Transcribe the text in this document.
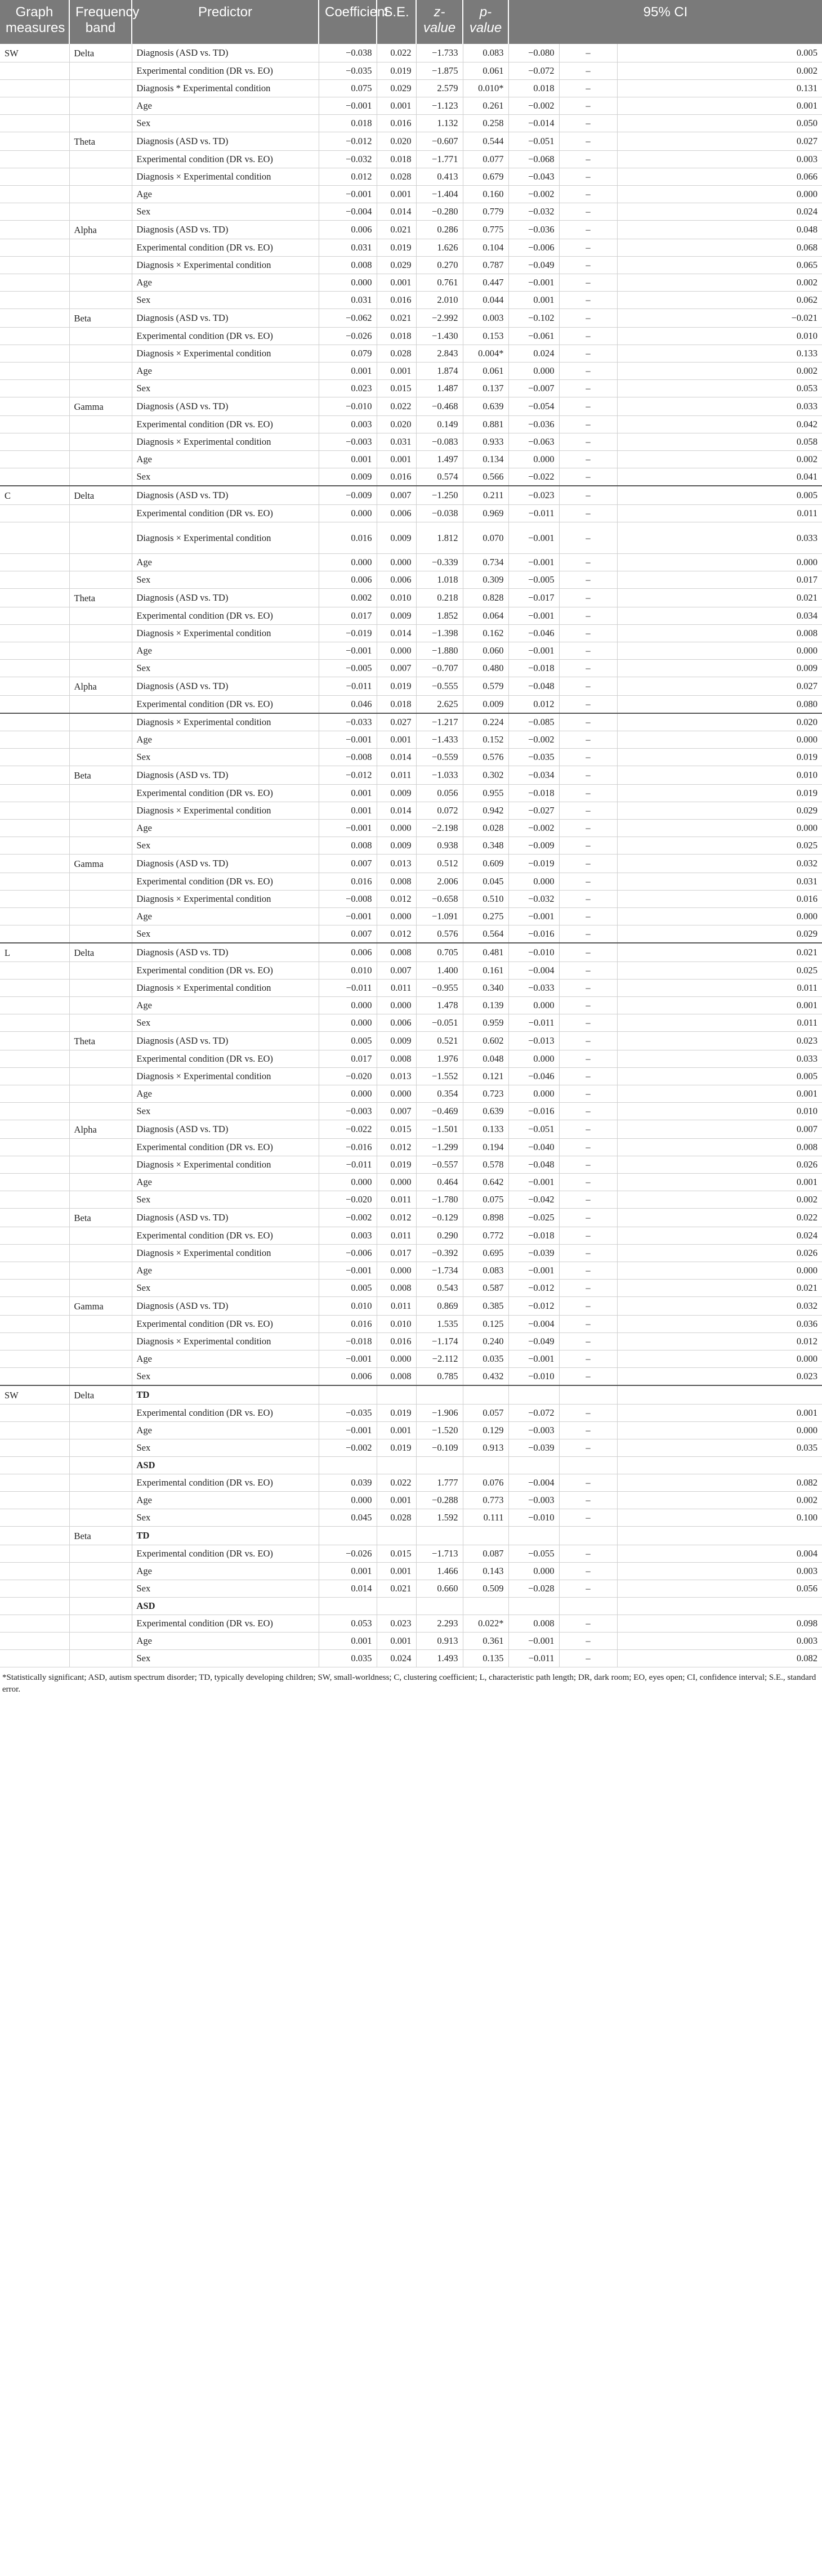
Graph measures	Frequency band	Predictor	Coefficient	S.E.	z-value	p-value	95% CI		
SW	Delta	Diagnosis (ASD vs. TD)	−0.038	0.022	−1.733	0.083	−0.080	–	0.005
		Experimental condition (DR vs. EO)	−0.035	0.019	−1.875	0.061	−0.072	–	0.002
		Diagnosis * Experimental condition	0.075	0.029	2.579	0.010*	0.018	–	0.131
		Age	−0.001	0.001	−1.123	0.261	−0.002	–	0.001
		Sex	0.018	0.016	1.132	0.258	−0.014	–	0.050
	Theta	Diagnosis (ASD vs. TD)	−0.012	0.020	−0.607	0.544	−0.051	–	0.027
		Experimental condition (DR vs. EO)	−0.032	0.018	−1.771	0.077	−0.068	–	0.003
		Diagnosis × Experimental condition	0.012	0.028	0.413	0.679	−0.043	–	0.066
		Age	−0.001	0.001	−1.404	0.160	−0.002	–	0.000
		Sex	−0.004	0.014	−0.280	0.779	−0.032	–	0.024
	Alpha	Diagnosis (ASD vs. TD)	0.006	0.021	0.286	0.775	−0.036	–	0.048
		Experimental condition (DR vs. EO)	0.031	0.019	1.626	0.104	−0.006	–	0.068
		Diagnosis × Experimental condition	0.008	0.029	0.270	0.787	−0.049	–	0.065
		Age	0.000	0.001	0.761	0.447	−0.001	–	0.002
		Sex	0.031	0.016	2.010	0.044	0.001	–	0.062
	Beta	Diagnosis (ASD vs. TD)	−0.062	0.021	−2.992	0.003	−0.102	–	−0.021
		Experimental condition (DR vs. EO)	−0.026	0.018	−1.430	0.153	−0.061	–	0.010
		Diagnosis × Experimental condition	0.079	0.028	2.843	0.004*	0.024	–	0.133
		Age	0.001	0.001	1.874	0.061	0.000	–	0.002
		Sex	0.023	0.015	1.487	0.137	−0.007	–	0.053
	Gamma	Diagnosis (ASD vs. TD)	−0.010	0.022	−0.468	0.639	−0.054	–	0.033
		Experimental condition (DR vs. EO)	0.003	0.020	0.149	0.881	−0.036	–	0.042
		Diagnosis × Experimental condition	−0.003	0.031	−0.083	0.933	−0.063	–	0.058
		Age	0.001	0.001	1.497	0.134	0.000	–	0.002
		Sex	0.009	0.016	0.574	0.566	−0.022	–	0.041
C	Delta	Diagnosis (ASD vs. TD)	−0.009	0.007	−1.250	0.211	−0.023	–	0.005
		Experimental condition (DR vs. EO)	0.000	0.006	−0.038	0.969	−0.011	–	0.011
		Diagnosis × Experimental condition	0.016	0.009	1.812	0.070	−0.001	–	0.033
		Age	0.000	0.000	−0.339	0.734	−0.001	–	0.000
		Sex	0.006	0.006	1.018	0.309	−0.005	–	0.017
	Theta	Diagnosis (ASD vs. TD)	0.002	0.010	0.218	0.828	−0.017	–	0.021
		Experimental condition (DR vs. EO)	0.017	0.009	1.852	0.064	−0.001	–	0.034
		Diagnosis × Experimental condition	−0.019	0.014	−1.398	0.162	−0.046	–	0.008
		Age	−0.001	0.000	−1.880	0.060	−0.001	–	0.000
		Sex	−0.005	0.007	−0.707	0.480	−0.018	–	0.009
	Alpha	Diagnosis (ASD vs. TD)	−0.011	0.019	−0.555	0.579	−0.048	–	0.027
		Experimental condition (DR vs. EO)	0.046	0.018	2.625	0.009	0.012	–	0.080
		Diagnosis × Experimental condition	−0.033	0.027	−1.217	0.224	−0.085	–	0.020
		Age	−0.001	0.001	−1.433	0.152	−0.002	–	0.000
		Sex	−0.008	0.014	−0.559	0.576	−0.035	–	0.019
	Beta	Diagnosis (ASD vs. TD)	−0.012	0.011	−1.033	0.302	−0.034	–	0.010
		Experimental condition (DR vs. EO)	0.001	0.009	0.056	0.955	−0.018	–	0.019
		Diagnosis × Experimental condition	0.001	0.014	0.072	0.942	−0.027	–	0.029
		Age	−0.001	0.000	−2.198	0.028	−0.002	–	0.000
		Sex	0.008	0.009	0.938	0.348	−0.009	–	0.025
	Gamma	Diagnosis (ASD vs. TD)	0.007	0.013	0.512	0.609	−0.019	–	0.032
		Experimental condition (DR vs. EO)	0.016	0.008	2.006	0.045	0.000	–	0.031
		Diagnosis × Experimental condition	−0.008	0.012	−0.658	0.510	−0.032	–	0.016
		Age	−0.001	0.000	−1.091	0.275	−0.001	–	0.000
		Sex	0.007	0.012	0.576	0.564	−0.016	–	0.029
L	Delta	Diagnosis (ASD vs. TD)	0.006	0.008	0.705	0.481	−0.010	–	0.021
		Experimental condition (DR vs. EO)	0.010	0.007	1.400	0.161	−0.004	–	0.025
		Diagnosis × Experimental condition	−0.011	0.011	−0.955	0.340	−0.033	–	0.011
		Age	0.000	0.000	1.478	0.139	0.000	–	0.001
		Sex	0.000	0.006	−0.051	0.959	−0.011	–	0.011
	Theta	Diagnosis (ASD vs. TD)	0.005	0.009	0.521	0.602	−0.013	–	0.023
		Experimental condition (DR vs. EO)	0.017	0.008	1.976	0.048	0.000	–	0.033
		Diagnosis × Experimental condition	−0.020	0.013	−1.552	0.121	−0.046	–	0.005
		Age	0.000	0.000	0.354	0.723	0.000	–	0.001
		Sex	−0.003	0.007	−0.469	0.639	−0.016	–	0.010
	Alpha	Diagnosis (ASD vs. TD)	−0.022	0.015	−1.501	0.133	−0.051	–	0.007
		Experimental condition (DR vs. EO)	−0.016	0.012	−1.299	0.194	−0.040	–	0.008
		Diagnosis × Experimental condition	−0.011	0.019	−0.557	0.578	−0.048	–	0.026
		Age	0.000	0.000	0.464	0.642	−0.001	–	0.001
		Sex	−0.020	0.011	−1.780	0.075	−0.042	–	0.002
	Beta	Diagnosis (ASD vs. TD)	−0.002	0.012	−0.129	0.898	−0.025	–	0.022
		Experimental condition (DR vs. EO)	0.003	0.011	0.290	0.772	−0.018	–	0.024
		Diagnosis × Experimental condition	−0.006	0.017	−0.392	0.695	−0.039	–	0.026
		Age	−0.001	0.000	−1.734	0.083	−0.001	–	0.000
		Sex	0.005	0.008	0.543	0.587	−0.012	–	0.021
	Gamma	Diagnosis (ASD vs. TD)	0.010	0.011	0.869	0.385	−0.012	–	0.032
		Experimental condition (DR vs. EO)	0.016	0.010	1.535	0.125	−0.004	–	0.036
		Diagnosis × Experimental condition	−0.018	0.016	−1.174	0.240	−0.049	–	0.012
		Age	−0.001	0.000	−2.112	0.035	−0.001	–	0.000
		Sex	0.006	0.008	0.785	0.432	−0.010	–	0.023
SW	Delta	TD							
		Experimental condition (DR vs. EO)	−0.035	0.019	−1.906	0.057	−0.072	–	0.001
		Age	−0.001	0.001	−1.520	0.129	−0.003	–	0.000
		Sex	−0.002	0.019	−0.109	0.913	−0.039	–	0.035
		ASD							
		Experimental condition (DR vs. EO)	0.039	0.022	1.777	0.076	−0.004	–	0.082
		Age	0.000	0.001	−0.288	0.773	−0.003	–	0.002
		Sex	0.045	0.028	1.592	0.111	−0.010	–	0.100
	Beta	TD							
		Experimental condition (DR vs. EO)	−0.026	0.015	−1.713	0.087	−0.055	–	0.004
		Age	0.001	0.001	1.466	0.143	0.000	–	0.003
		Sex	0.014	0.021	0.660	0.509	−0.028	–	0.056
		ASD							
		Experimental condition (DR vs. EO)	0.053	0.023	2.293	0.022*	0.008	–	0.098
		Age	0.001	0.001	0.913	0.361	−0.001	–	0.003
		Sex	0.035	0.024	1.493	0.135	−0.011	–	0.082
*Statistically significant; ASD, autism spectrum disorder; TD, typically developing children; SW, small-worldness; C, clustering coefficient; L, characteristic path length; DR, dark room; EO, eyes open; CI, confidence interval; S.E., standard error.
